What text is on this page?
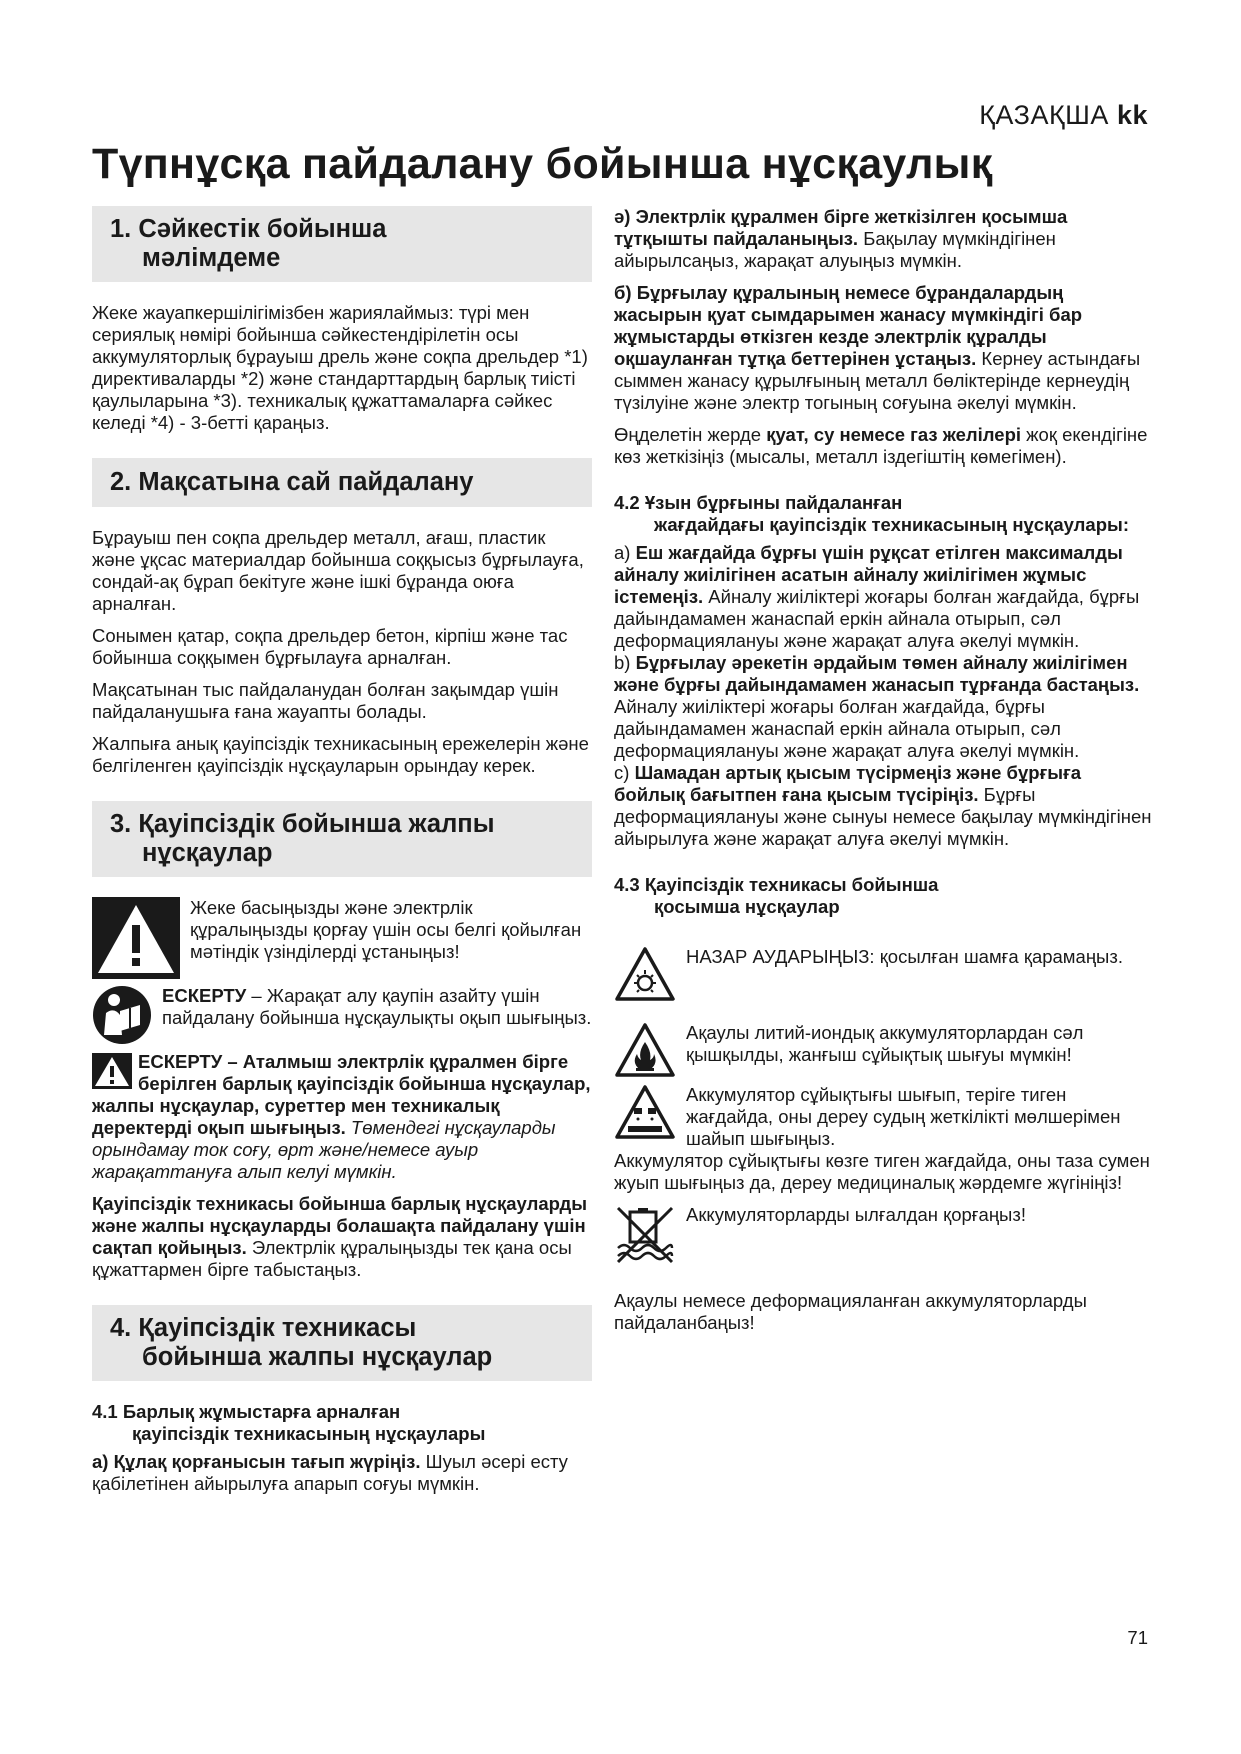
ҚАЗАҚША kk
Түпнұсқа пайдалану бойынша нұсқаулық
1. Сәйкестік бойынша
мәлімдеме

Жеке жауапкершілігімізбен жариялаймыз: түрі мен сериялық нөмірі бойынша сәйкестендірілетін осы аккумуляторлық бұрауыш дрель және соқпа дрельдер *1) директиваларды *2) және стандарттардың барлық тиісті қаулыларына *3). техникалық құжаттамаларға сәйкес келеді *4) - 3-бетті қараңыз.

2. Мақсатына сай пайдалану

Бұрауыш пен соқпа дрельдер металл, ағаш, пластик және ұқсас материалдар бойынша соққысыз бұрғылауға, сондай-ақ бұрап бекітуге және ішкі бұранда оюға арналған.

Сонымен қатар, соқпа дрельдер бетон, кірпіш және тас бойынша соққымен бұрғылауға арналған.

Мақсатынан тыс пайдаланудан болған зақымдар үшін пайдаланушыға ғана жауапты болады.

Жалпыға анық қауіпсіздік техникасының ережелерін және белгіленген қауіпсіздік нұсқауларын орындау керек.

3. Қауіпсіздік бойынша жалпы
нұсқаулар

Жеке басыңызды және электрлік құралыңызды қорғау үшін осы белгі қойылған мәтіндік үзінділерді ұстаныңыз!

ЕСКЕРТУ – Жарақат алу қаупін азайту үшін пайдалану бойынша нұсқаулықты оқып шығыңыз.

ЕСКЕРТУ – Аталмыш электрлік құралмен бірге берілген барлық қауіпсіздік бойынша нұсқаулар, жалпы нұсқаулар, суреттер мен техникалық деректерді оқып шығыңыз. Төмендегі нұсқауларды орындамау ток соғу, өрт және/немесе ауыр жарақаттануға алып келуі мүмкін.

Қауіпсіздік техникасы бойынша барлық нұсқауларды және жалпы нұсқауларды болашақта пайдалану үшін сақтап қойыңыз. Электрлік құралыңызды тек қана осы құжаттармен бірге табыстаңыз.

4. Қауіпсіздік техникасы
бойынша жалпы нұсқаулар
4.1 Барлық жұмыстарға арналған
қауіпсіздік техникасының нұсқаулары

а) Құлақ қорғанысын тағып жүріңіз. Шуыл әсері есту қабілетінен айырылуға апарып соғуы мүмкін.

ә) Электрлік құралмен бірге жеткізілген қосымша тұтқышты пайдаланыңыз. Бақылау мүмкіндігінен айырылсаңыз, жарақат алуыңыз мүмкін.

б) Бұрғылау құралының немесе бұрандалардың жасырын қуат сымдарымен жанасу мүмкіндігі бар жұмыстарды өткізген кезде электрлік құралды оқшауланған тұтқа беттерінен ұстаңыз. Кернеу астындағы сыммен жанасу құрылғының металл бөліктерінде кернеудің түзілуіне және электр тогының соғуына әкелуі мүмкін.

Өңделетін жерде қуат, су немесе газ желілері жоқ екендігіне көз жеткізіңіз (мысалы, металл іздегіштің көмегімен).

4.2 Ұзын бұрғыны пайдаланған
жағдайдағы қауіпсіздік техникасының нұсқаулары:

а) Еш жағдайда бұрғы үшін рұқсат етілген максималды айналу жиілігінен асатын айналу жиілігімен жұмыс істемеңіз. Айналу жиіліктері жоғары болған жағдайда, бұрғы дайындамамен жанаспай еркін айнала отырып, сәл деформациялануы және жарақат алуға әкелуі мүмкін.

b) Бұрғылау әрекетін әрдайым төмен айналу жиілігімен және бұрғы дайындамамен жанасып тұрғанда бастаңыз. Айналу жиіліктері жоғары болған жағдайда, бұрғы дайындамамен жанаспай еркін айнала отырып, сәл деформациялануы және жарақат алуға әкелуі мүмкін.

c) Шамадан артық қысым түсірмеңіз және бұрғыға бойлық бағытпен ғана қысым түсіріңіз. Бұрғы деформациялануы және сынуы немесе бақылау мүмкіндігінен айырылуға және жарақат алуға әкелуі мүмкін.

4.3 Қауіпсіздік техникасы бойынша
қосымша нұсқаулар

НАЗАР АУДАРЫҢЫЗ: қосылған шамға қарамаңыз.

Ақаулы литий-иондық аккумуляторлардан сәл қышқылды, жанғыш сұйықтық шығуы мүмкін!

Аккумулятор сұйықтығы шығып, теріге тиген жағдайда, оны дереу судың жеткілікті мөлшерімен шайып шығыңыз.

Аккумулятор сұйықтығы көзге тиген жағдайда, оны таза сумен жуып шығыңыз да, дереу медициналық жәрдемге жүгініңіз!

Аккумуляторларды ылғалдан қорғаңыз!

Ақаулы немесе деформацияланған аккумуляторларды пайдаланбаңыз!

71
